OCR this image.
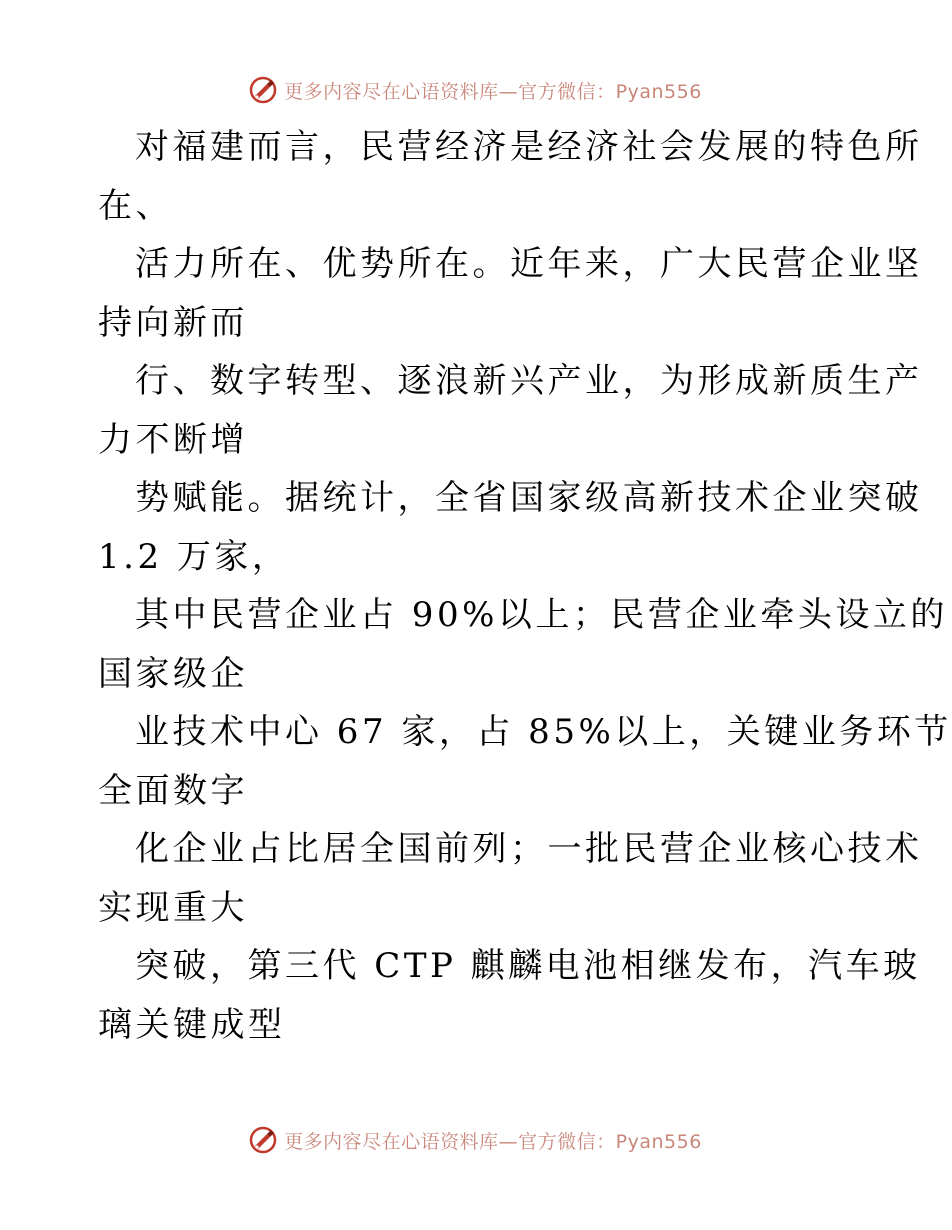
更多内容尽在心语资料库—官方微信：Pyan556
对福建而言，民营经济是经济社会发展的特色所
在、
活力所在、优势所在。近年来，广大民营企业坚
持向新而
行、数字转型、逐浪新兴产业，为形成新质生产
力不断增
势赋能。据统计，全省国家级高新技术企业突破
1.2 万家，
其中民营企业占 90%以上；民营企业牵头设立的
国家级企
业技术中心 67 家，占 85%以上，关键业务环节
全面数字
化企业占比居全国前列；一批民营企业核心技术
实现重大
突破，第三代 CTP 麒麟电池相继发布，汽车玻
璃关键成型
更多内容尽在心语资料库—官方微信：Pyan556
